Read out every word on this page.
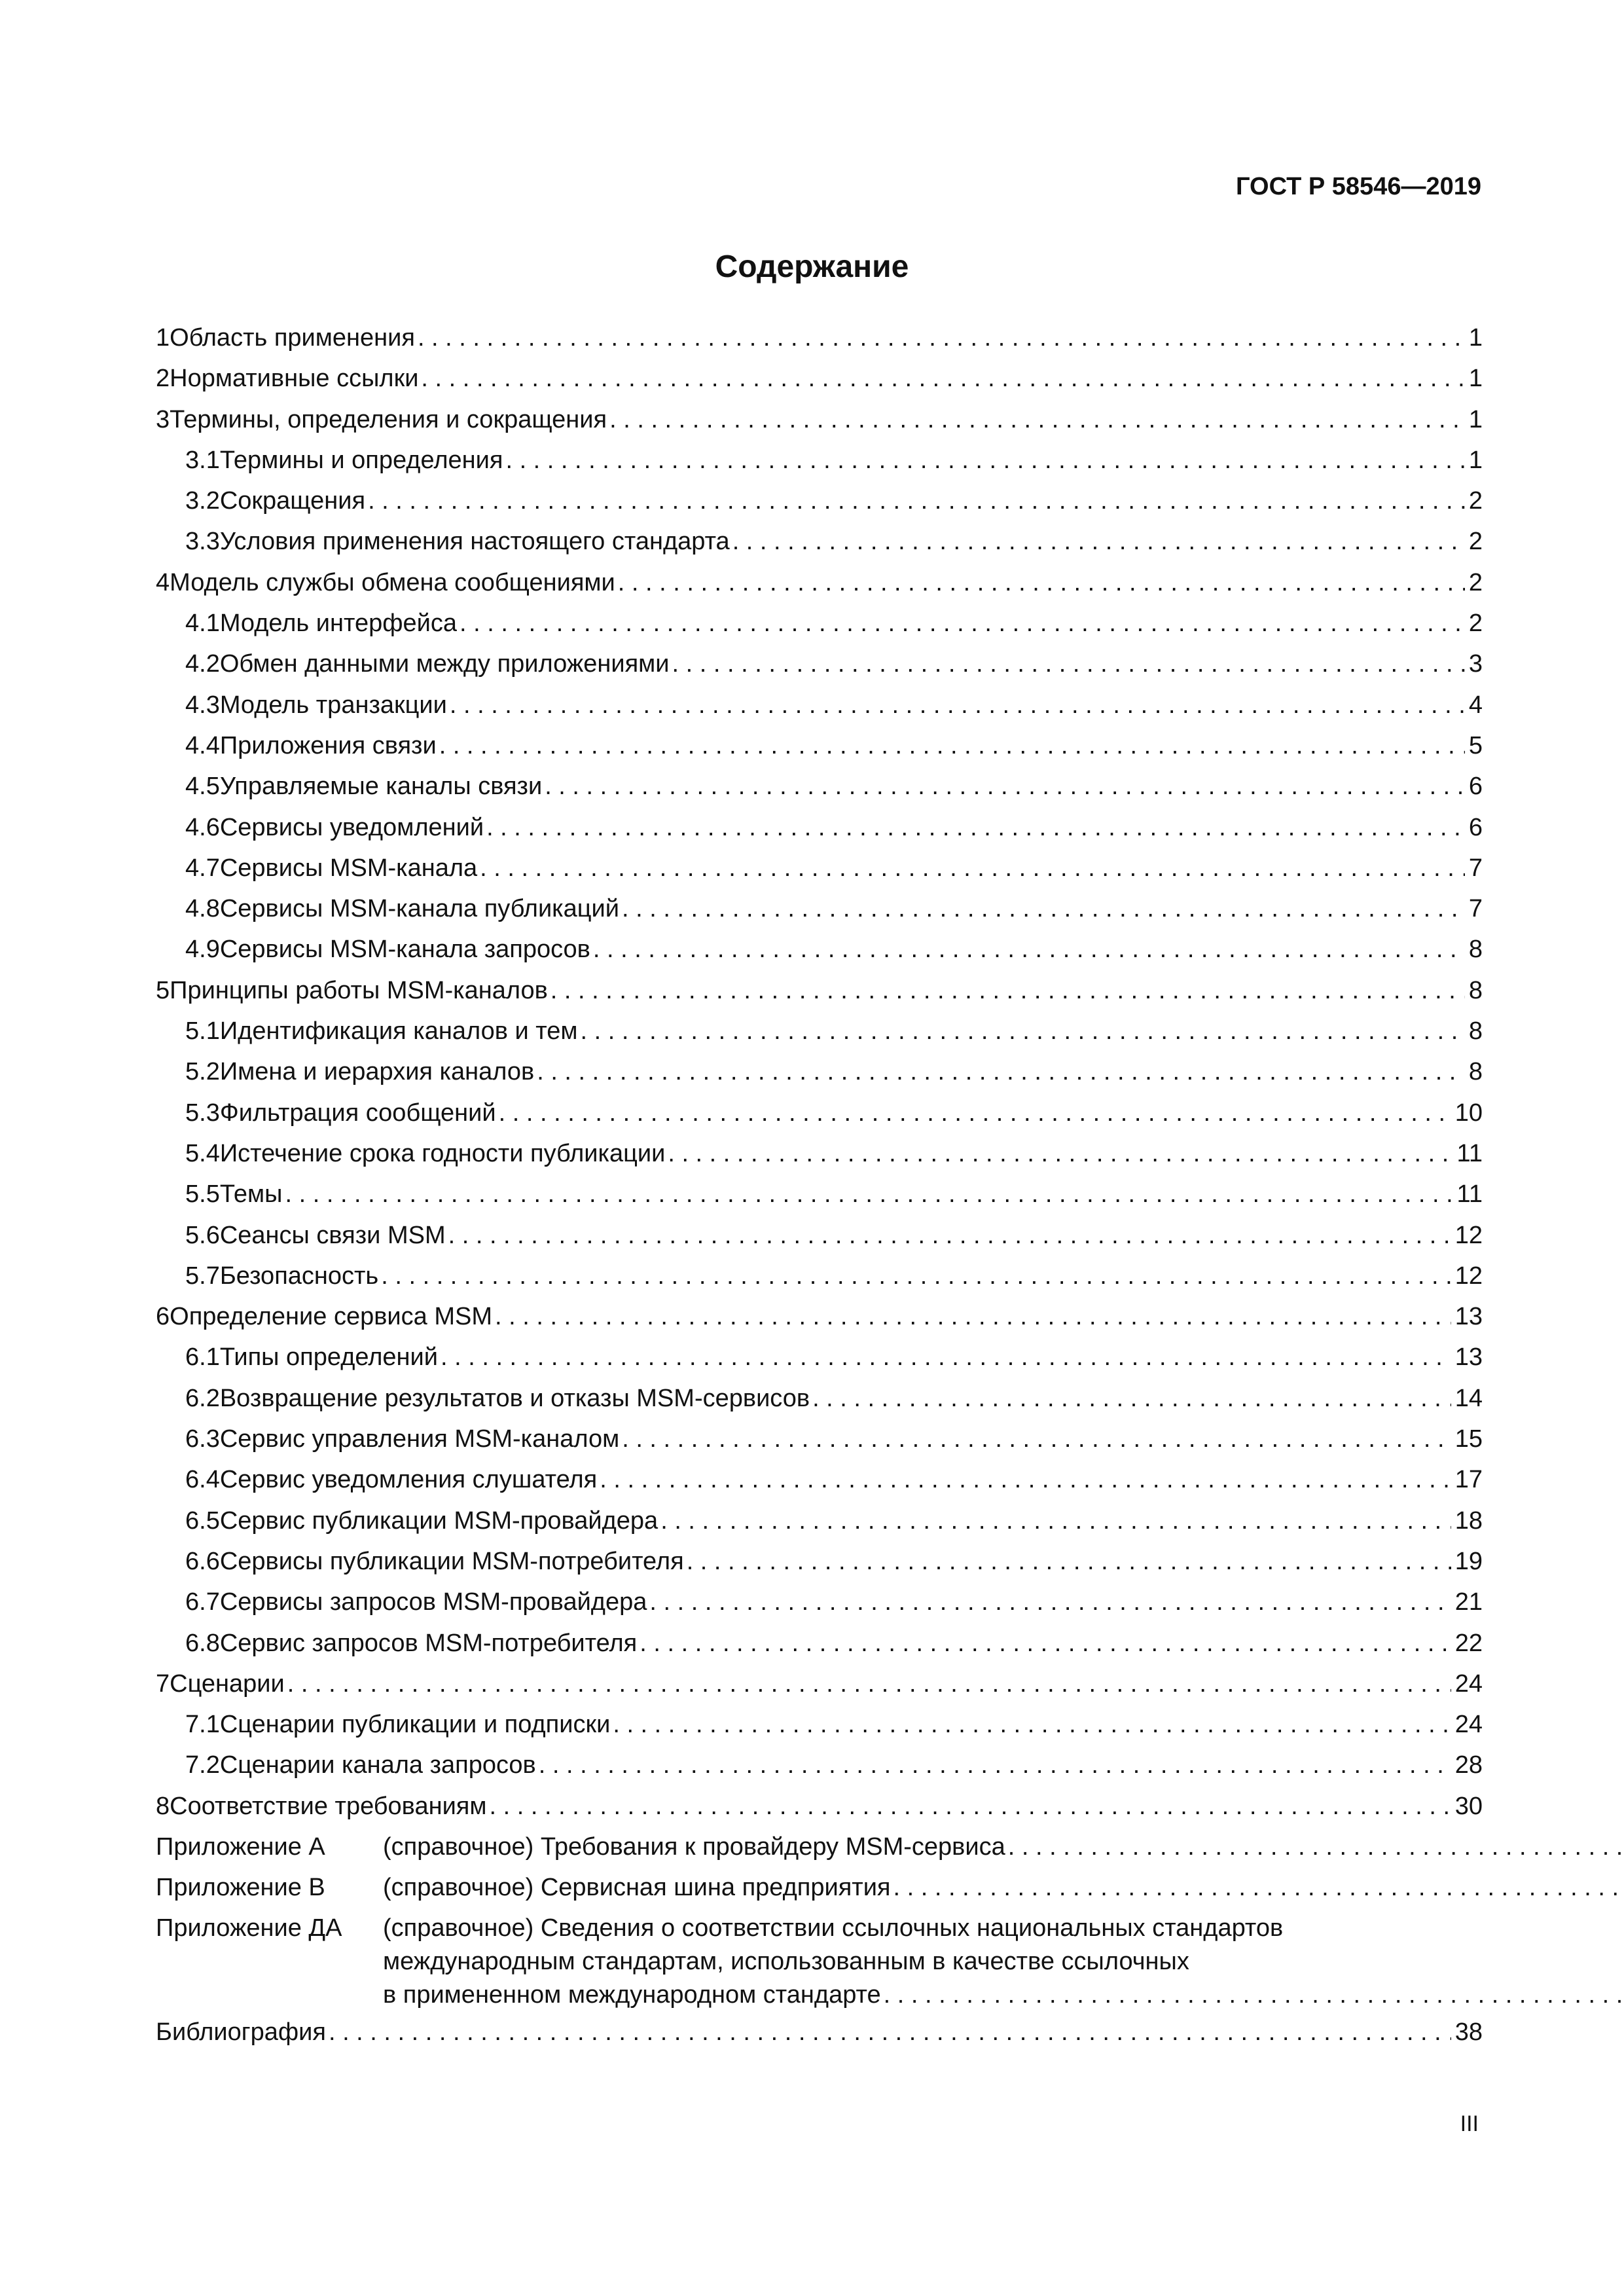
ГОСТ Р 58546—2019
Содержание
1 Область применения . . .	1
2 Нормативные ссылки . . .	1
3 Термины, определения и сокращения . . .	1
3.1 Термины и определения . . .	1
3.2 Сокращения . . .	2
3.3 Условия применения настоящего стандарта . . .	2
4 Модель службы обмена сообщениями . . .	2
4.1 Модель интерфейса . . .	2
4.2 Обмен данными между приложениями . . .	3
4.3 Модель транзакции . . .	4
4.4 Приложения связи . . .	5
4.5 Управляемые каналы связи . . .	6
4.6 Сервисы уведомлений . . .	6
4.7 Сервисы MSM-канала . . .	7
4.8 Сервисы MSM-канала публикаций . . .	7
4.9 Сервисы MSM-канала запросов . . .	8
5 Принципы работы MSM-каналов . . .	8
5.1 Идентификация каналов и тем . . .	8
5.2 Имена и иерархия каналов . . .	8
5.3 Фильтрация сообщений . . .	10
5.4 Истечение срока годности публикации . . .	11
5.5 Темы . . .	11
5.6 Сеансы связи MSM . . .	12
5.7 Безопасность . . .	12
6 Определение сервиса MSM . . .	13
6.1 Типы определений . . .	13
6.2 Возвращение результатов и отказы MSM-сервисов . . .	14
6.3 Сервис управления MSM-каналом . . .	15
6.4 Сервис уведомления слушателя . . .	17
6.5 Сервис публикации MSM-провайдера . . .	18
6.6 Сервисы публикации MSM-потребителя . . .	19
6.7 Сервисы запросов MSM-провайдера . . .	21
6.8 Сервис запросов MSM-потребителя . . .	22
7 Сценарии . . .	24
7.1 Сценарии публикации и подписки . . .	24
7.2 Сценарии канала запросов . . .	28
8 Соответствие требованиям . . .	30
Приложение А	(справочное) Требования к провайдеру MSM-сервиса
. . .
Приложение В	(справочное) Сервисная шина предприятия
. . .
Приложение ДА	(справочное) Сведения о соответствии ссылочных национальных стандартов
международным стандартам, использованным в качестве ссылочных
в примененном международном стандарте
. . .
Библиография . . .	38
III
